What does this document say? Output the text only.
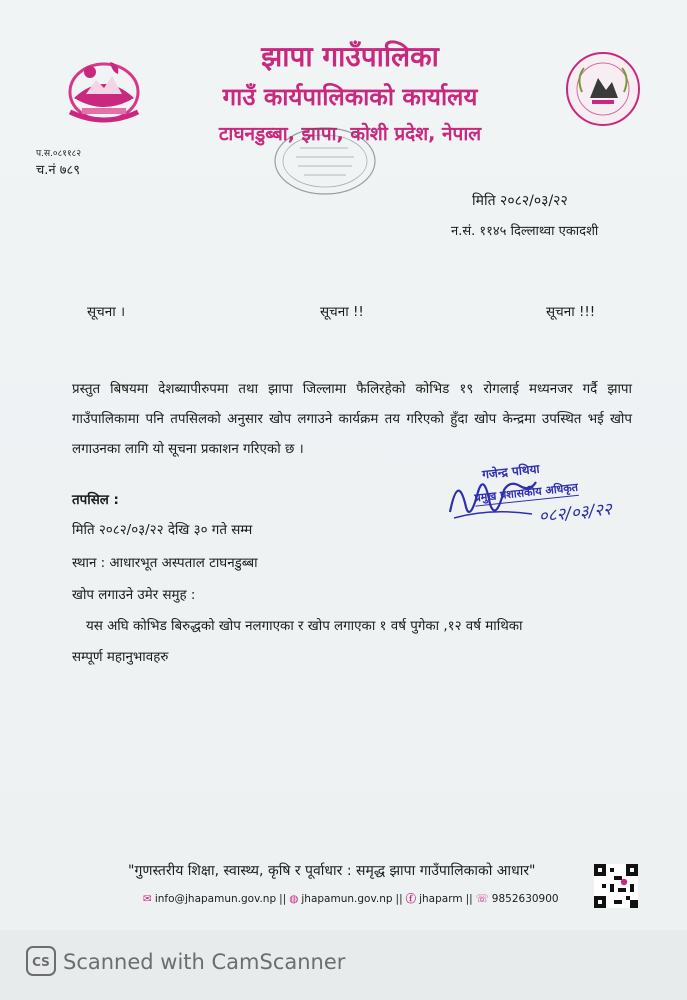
झापा गाउँपालिका
गाउँ कार्यपालिकाको कार्यालय
टाघनडुब्बा, झापा, कोशी प्रदेश, नेपाल
प.स.०८११८२
च.नं ७८९
मिति २०८२/०३/२२
न.सं. ११४५ दिल्लाथ्वा एकादशी
सूचना ।	सूचना !!	सूचना !!!
प्रस्तुत बिषयमा देशब्यापीरुपमा तथा झापा जिल्लामा फैलिरहेको कोभिड १९ रोगलाई मध्यनजर गर्दै झापा गाउँपालिकामा पनि तपसिलको अनुसार खोप लगाउने कार्यक्रम तय गरिएको हुँदा खोप केन्द्रमा उपस्थित भई खोप लगाउनका लागि यो सूचना प्रकाशन गरिएको छ ।
तपसिल :
मिति २०८२/०३/२२ देखि ३० गते सम्म
स्थान : आधारभूत अस्पताल टाघनडुब्बा
खोप लगाउने उमेर समुह :
यस अघि कोभिड बिरुद्धको खोप नलगाएका र खोप लगाएका १ वर्ष पुगेका ,१२ वर्ष माथिका
सम्पूर्ण महानुभावहरु
गजेन्द्र पथिया
प्रमुख प्रशासकीय अधिकृत
०८२/०३/२२
"गुणस्तरीय शिक्षा, स्वास्थ्य, कृषि र पूर्वाधार : समृद्ध झापा गाउँपालिकाको आधार"
✉ info@jhapamun.gov.np || ◍ jhapamun.gov.np || ⓕ jhaparm || ☏ 9852630900
CS Scanned with CamScanner
